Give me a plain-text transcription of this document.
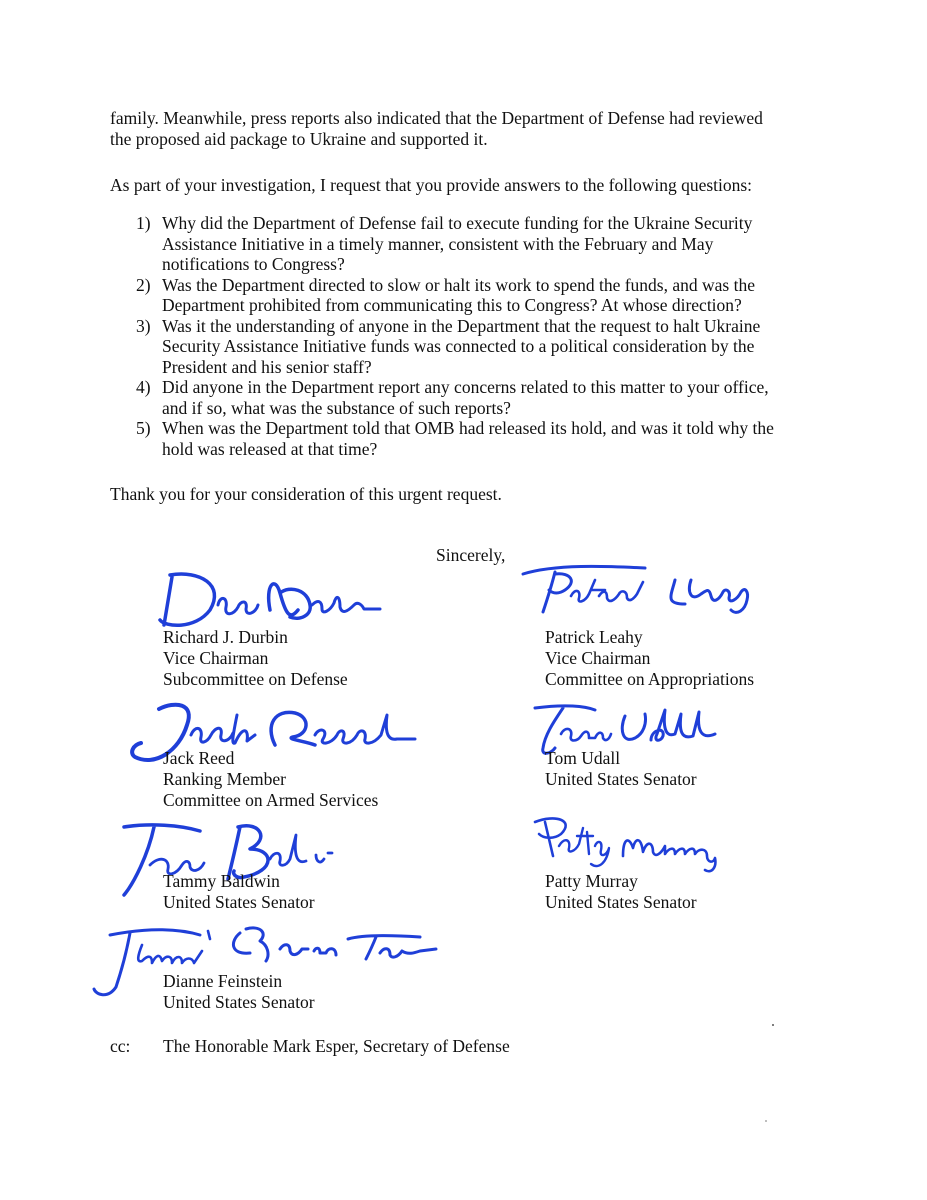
family. Meanwhile, press reports also indicated that the Department of Defense had reviewed
the proposed aid package to Ukraine and supported it.

As part of your investigation, I request that you provide answers to the following questions:

1) Why did the Department of Defense fail to execute funding for the Ukraine Security
Assistance Initiative in a timely manner, consistent with the February and May
notifications to Congress?
2) Was the Department directed to slow or halt its work to spend the funds, and was the
Department prohibited from communicating this to Congress? At whose direction?
3) Was it the understanding of anyone in the Department that the request to halt Ukraine
Security Assistance Initiative funds was connected to a political consideration by the
President and his senior staff?
4) Did anyone in the Department report any concerns related to this matter to your office,
and if so, what was the substance of such reports?
5) When was the Department told that OMB had released its hold, and was it told why the
hold was released at that time?

Thank you for your consideration of this urgent request.

Sincerely,
Richard J. Durbin
Vice Chairman
Subcommittee on Defense
Patrick Leahy
Vice Chairman
Committee on Appropriations
Jack Reed
Ranking Member
Committee on Armed Services
Tom Udall
United States Senator
Tammy Baldwin
United States Senator
Patty Murray
United States Senator
Dianne Feinstein
United States Senator
cc: The Honorable Mark Esper, Secretary of Defense
